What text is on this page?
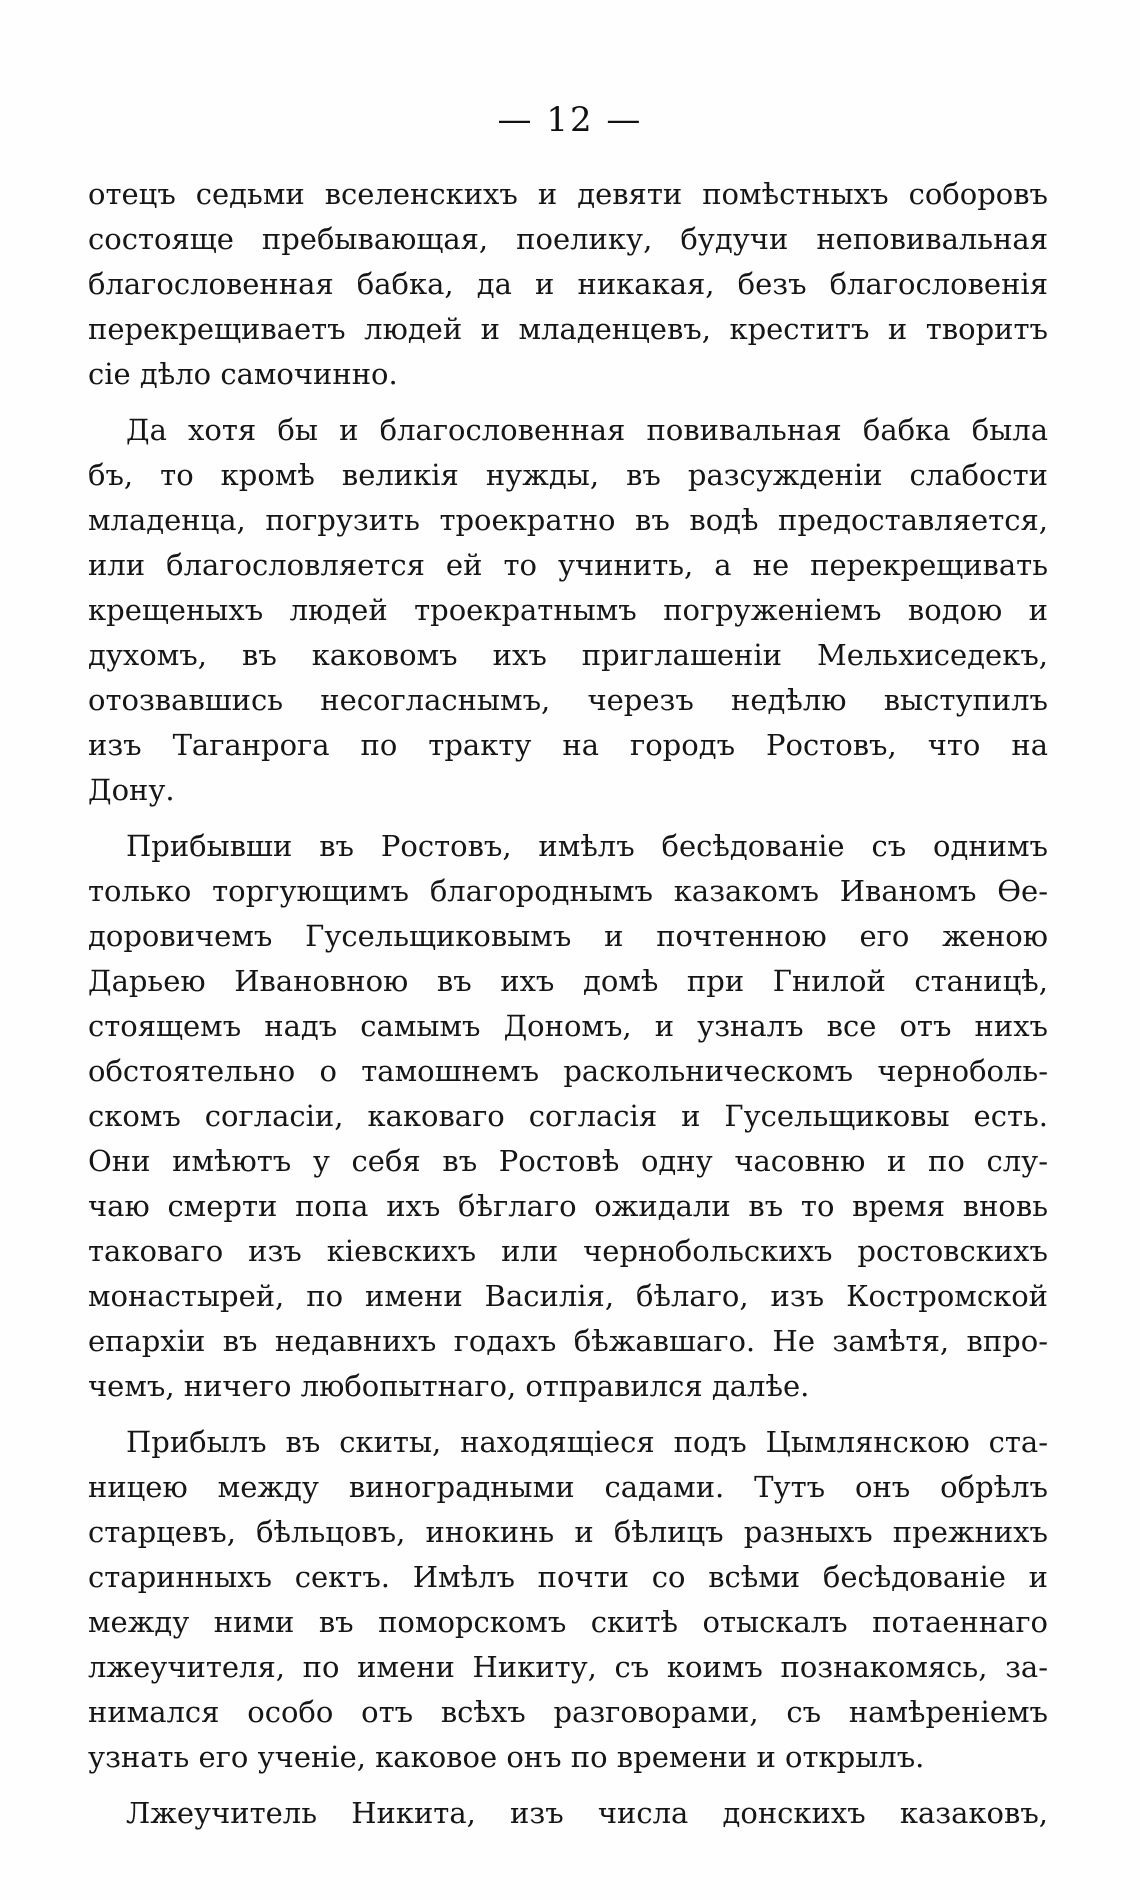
— 12 —
отецъ седьми вселенскихъ и девяти помѣстныхъ соборовъ
состояще пребывающая, поелику, будучи неповивальная
благословенная бабка, да и никакая, безъ благословенія
перекрещиваетъ людей и младенцевъ, креститъ и творитъ
сіе дѣло самочинно.
Да хотя бы и благословенная повивальная бабка была
бъ, то кромѣ великія нужды, въ разсужденіи слабости
младенца, погрузить троекратно въ водѣ предоставляется,
или благословляется ей то учинить, а не перекрещивать
крещеныхъ людей троекратнымъ погруженіемъ водою и
духомъ, въ каковомъ ихъ приглашеніи Мельхиседекъ,
отозвавшись несогласнымъ, черезъ недѣлю выступилъ
изъ Таганрога по тракту на городъ Ростовъ, что на
Дону.
Прибывши въ Ростовъ, имѣлъ бесѣдованіе съ однимъ
только торгующимъ благороднымъ казакомъ Иваномъ Ѳе-
доровичемъ Гусельщиковымъ и почтенною его женою
Дарьею Ивановною въ ихъ домѣ при Гнилой станицѣ,
стоящемъ надъ самымъ Дономъ, и узналъ все отъ нихъ
обстоятельно о тамошнемъ раскольническомъ черноболь-
скомъ согласіи, каковаго согласія и Гусельщиковы есть.
Они имѣютъ у себя въ Ростовѣ одну часовню и по слу-
чаю смерти попа ихъ бѣглаго ожидали въ то время вновь
таковаго изъ кіевскихъ или чернобольскихъ ростовскихъ
монастырей, по имени Василія, бѣлаго, изъ Костромской
епархіи въ недавнихъ годахъ бѣжавшаго. Не замѣтя, впро-
чемъ, ничего любопытнаго, отправился далѣе.
Прибылъ въ скиты, находящіеся подъ Цымлянскою ста-
ницею между виноградными садами. Тутъ онъ обрѣлъ
старцевъ, бѣльцовъ, инокинь и бѣлицъ разныхъ прежнихъ
старинныхъ сектъ. Имѣлъ почти со всѣми бесѣдованіе и
между ними въ поморскомъ скитѣ отыскалъ потаеннаго
лжеучителя, по имени Никиту, съ коимъ познакомясь, за-
нимался особо отъ всѣхъ разговорами, съ намѣреніемъ
узнать его ученіе, каковое онъ по времени и открылъ.
Лжеучитель Никита, изъ числа донскихъ казаковъ,
